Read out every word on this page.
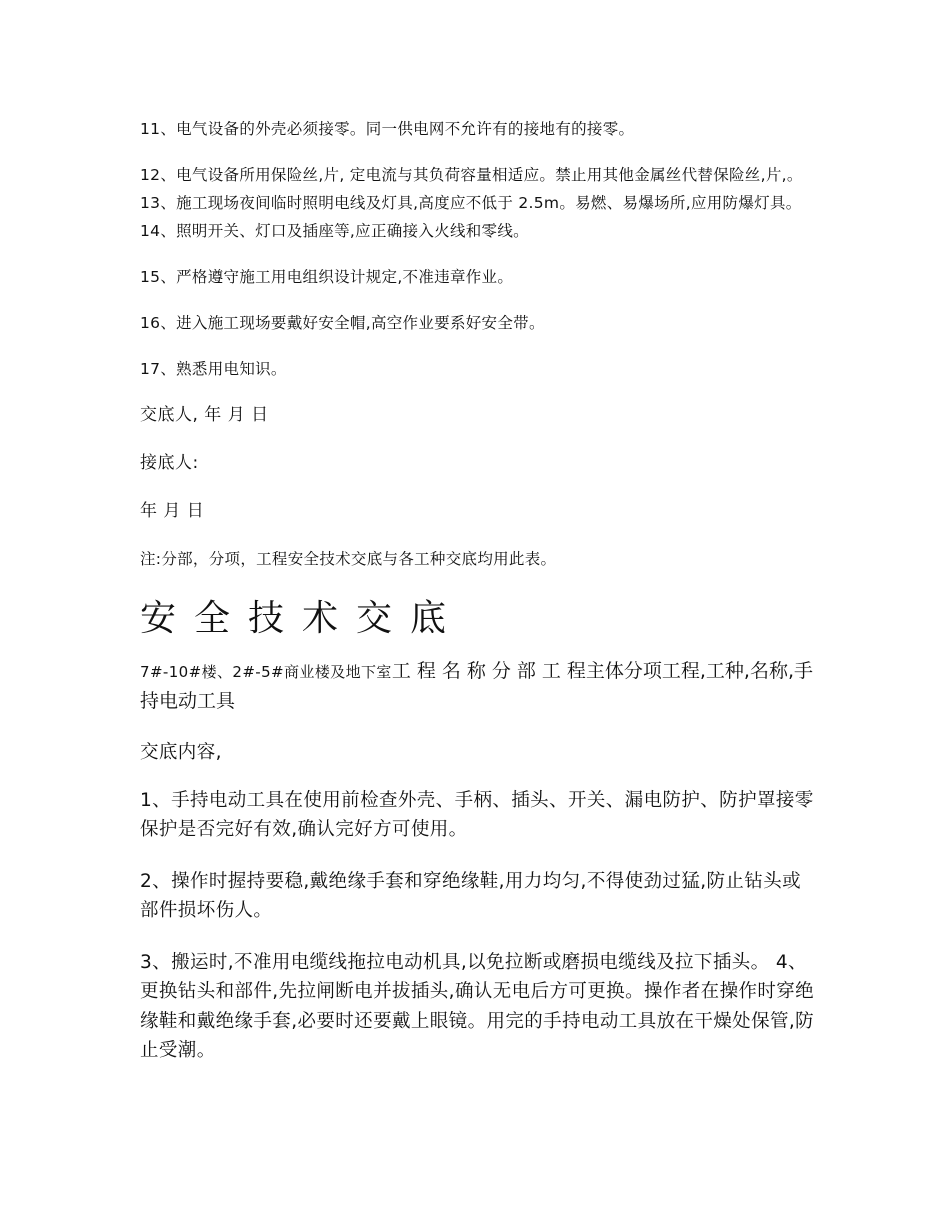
11、电气设备的外壳必须接零。同一供电网不允许有的接地有的接零。

12、电气设备所用保险丝,片, 定电流与其负荷容量相适应。禁止用其他金属丝代替保险丝,片,。13、施工现场夜间临时照明电线及灯具,高度应不低于 2.5m。易燃、易爆场所,应用防爆灯具。14、照明开关、灯口及插座等,应正确接入火线和零线。

15、严格遵守施工用电组织设计规定,不准违章作业。

16、进入施工现场要戴好安全帽,高空作业要系好安全带。

17、熟悉用电知识。

交底人, 年 月 日

接底人:

年 月 日

注:分部，分项，工程安全技术交底与各工种交底均用此表。

安全技术交底

7#-10#楼、2#-5#商业楼及地下室工程名称分部工程主体分项工程,工种,名称,手持电动工具

交底内容,

1、手持电动工具在使用前检查外壳、手柄、插头、开关、漏电防护、防护罩接零保护是否完好有效,确认完好方可使用。

2、操作时握持要稳,戴绝缘手套和穿绝缘鞋,用力均匀,不得使劲过猛,防止钻头或部件损坏伤人。

3、搬运时,不准用电缆线拖拉电动机具,以免拉断或磨损电缆线及拉下插头。 4、更换钻头和部件,先拉闸断电并拔插头,确认无电后方可更换。操作者在操作时穿绝缘鞋和戴绝缘手套,必要时还要戴上眼镜。用完的手持电动工具放在干燥处保管,防止受潮。
